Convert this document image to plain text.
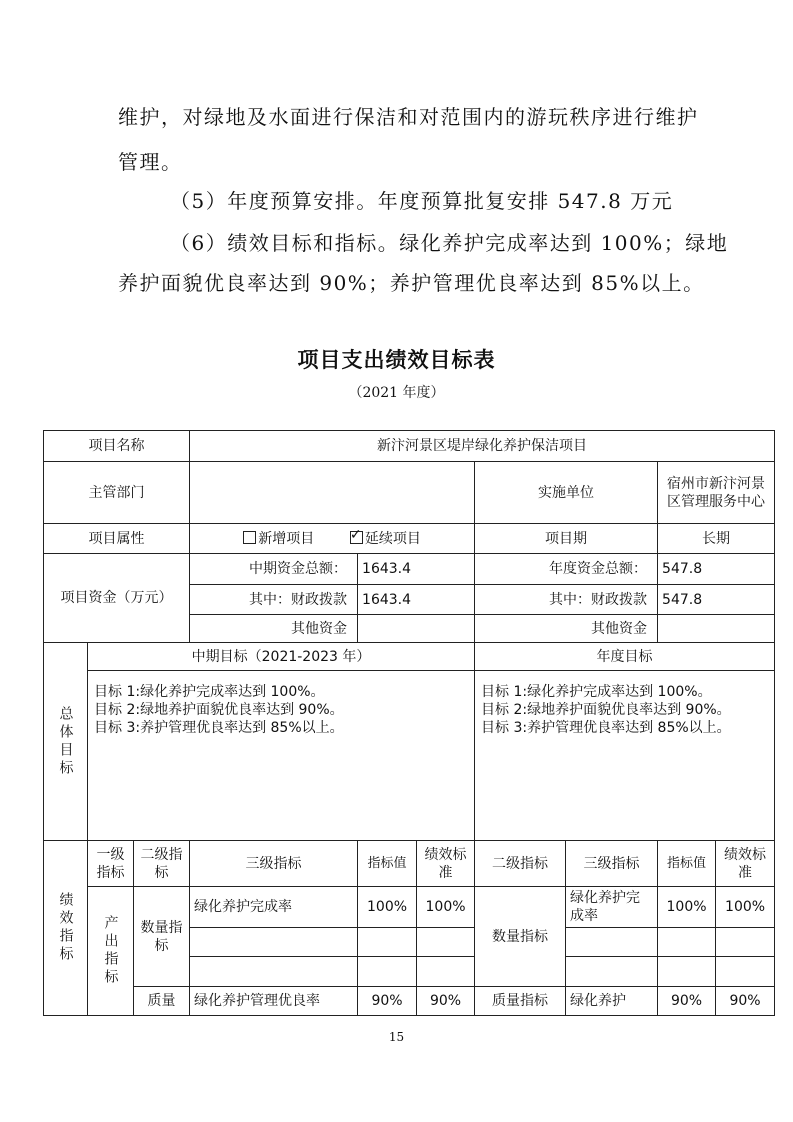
维护，对绿地及水面进行保洁和对范围内的游玩秩序进行维护
管理。
（5）年度预算安排。年度预算批复安排 547.8 万元
（6）绩效目标和指标。绿化养护完成率达到 100%；绿地
养护面貌优良率达到 90%；养护管理优良率达到 85%以上。
项目支出绩效目标表
（2021 年度）
项目名称			新汴河景区堤岸绿化养护保洁项目						
主管部门						实施单位		宿州市新汴河景区管理服务中心	
项目属性			新增项目 ✓ 延续项目			项目期		长期	
项目资金（万元）			中期资金总额：	1643.4		年度资金总额：		547.8	
			其中：财政拨款	1643.4		其中：财政拨款		547.8	
			其他资金			其他资金			

总体目标	中期目标（2021-2023 年）					年度目标			

	目标 1:绿化养护完成率达到 100%。
目标 2:绿地养护面貌优良率达到 90%。
目标 3:养护管理优良率达到 85%以上。					目标 1:绿化养护完成率达到 100%。
目标 2:绿地养护面貌优良率达到 90%。
目标 3:养护管理优良率达到 85%以上。			

绩效指标	一级指标	二级指标	三级指标	指标值	绩效标准	二级指标	三级指标	指标值	绩效标准

	产出指标	数量指标	绿化养护完成率	100%	100%	数量指标	绿化养护完成率	100%	100%

		质量	绿化养护管理优良率	90%	90%	质量指标	绿化养护	90%	90%
15
